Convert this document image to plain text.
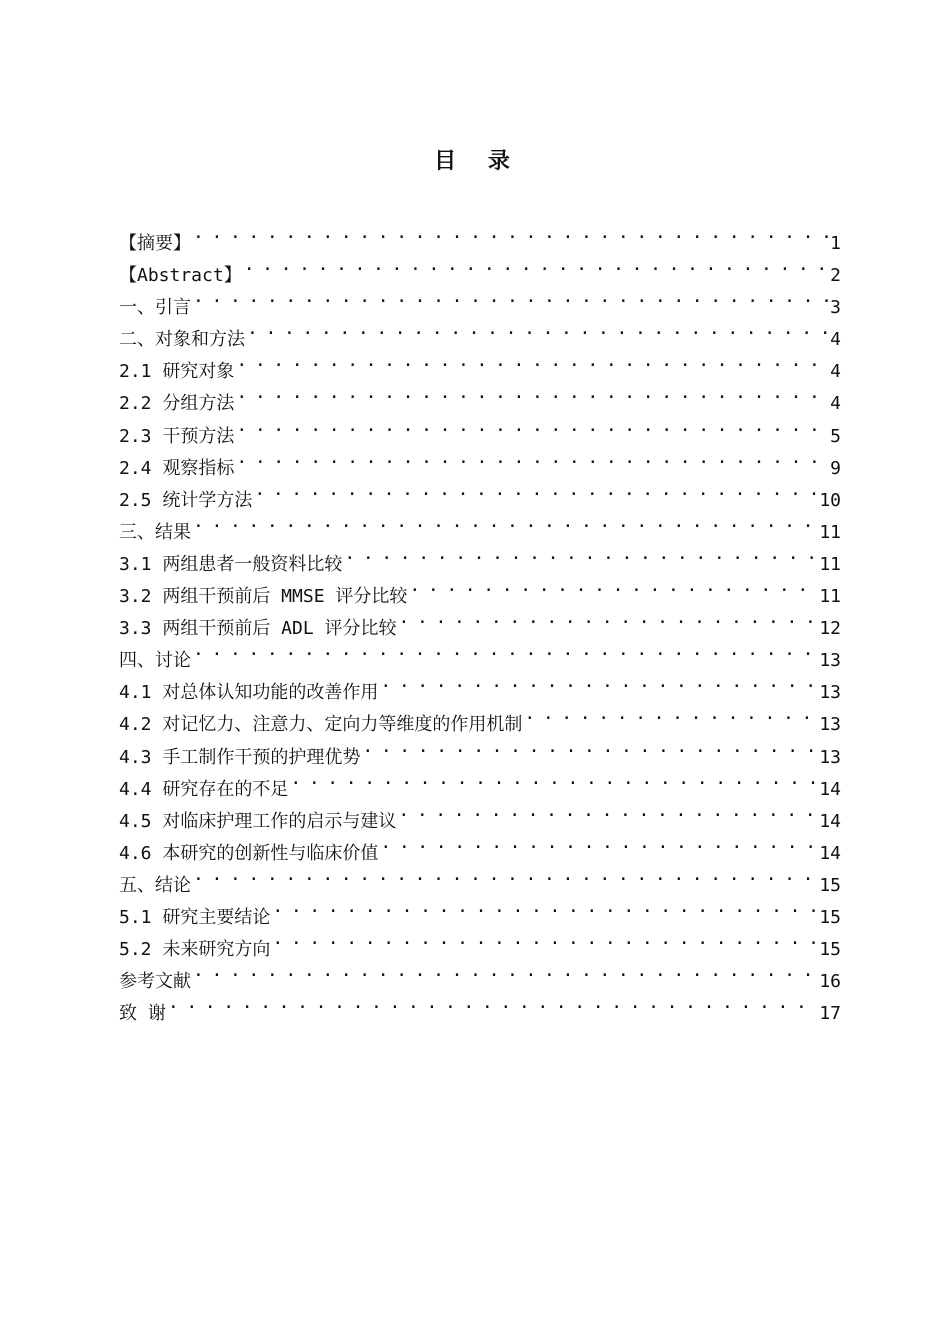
目 录
【摘要】 . . .	1
【Abstract】 . . .	2
一、引言 . . .	3
二、对象和方法 . . .	4
2.1 研究对象 . . .	4
2.2 分组方法 . . .	4
2.3 干预方法 . . .	5
2.4 观察指标 . . .	9
2.5 统计学方法 . . .	10
三、结果 . . .	11
3.1 两组患者一般资料比较 . . .	11
3.2 两组干预前后 MMSE 评分比较 . . .	11
3.3 两组干预前后 ADL 评分比较 . . .	12
四、讨论 . . .	13
4.1 对总体认知功能的改善作用 . . .	13
4.2 对记忆力、注意力、定向力等维度的作用机制 . . .	13
4.3 手工制作干预的护理优势 . . .	13
4.4 研究存在的不足 . . .	14
4.5 对临床护理工作的启示与建议 . . .	14
4.6 本研究的创新性与临床价值 . . .	14
五、结论 . . .	15
5.1 研究主要结论 . . .	15
5.2 未来研究方向 . . .	15
参考文献 . . .	16
致 谢 . . .	17
